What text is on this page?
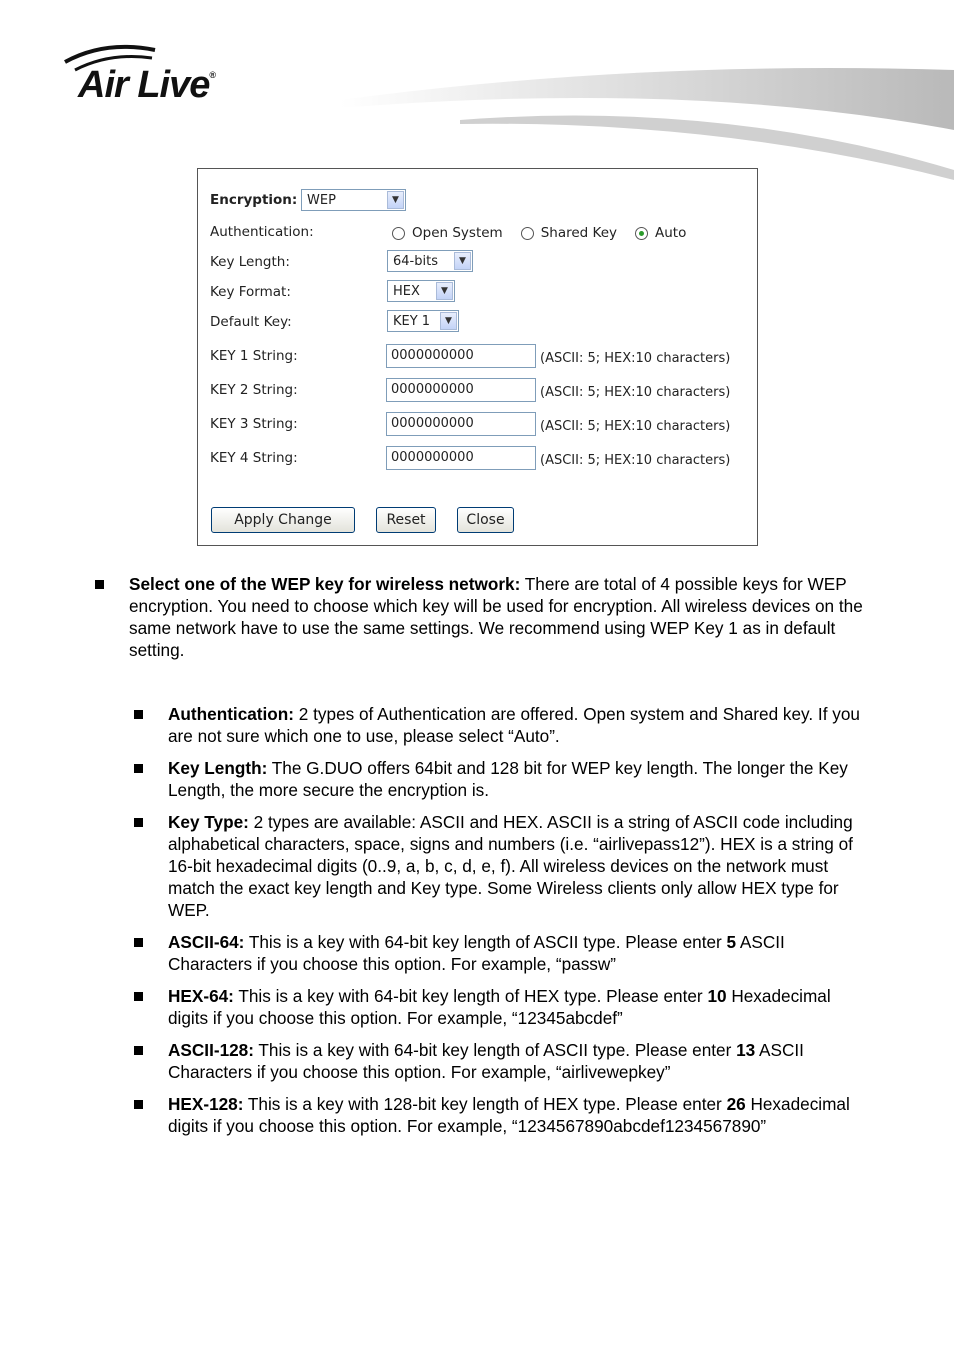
Air Live®
Encryption: WEP	▼
Authentication:	Open System	Shared Key	Auto
Key Length:	64-bits	▼
Key Format:	HEX	▼
Default Key:	KEY 1	▼
KEY 1 String:	0000000000	(ASCII: 5; HEX:10 characters)
KEY 2 String:	0000000000	(ASCII: 5; HEX:10 characters)
KEY 3 String:	0000000000	(ASCII: 5; HEX:10 characters)
KEY 4 String:	0000000000	(ASCII: 5; HEX:10 characters)
Apply Change	Reset	Close

Select one of the WEP key for wireless network: There are total of 4 possible keys for WEP encryption. You need to choose which key will be used for encryption. All wireless devices on the same network have to use the same settings. We recommend using WEP Key 1 as in default setting.

Authentication: 2 types of Authentication are offered. Open system and Shared key. If you are not sure which one to use, please select “Auto”.

Key Length: The G.DUO offers 64bit and 128 bit for WEP key length. The longer the Key Length, the more secure the encryption is.

Key Type: 2 types are available: ASCII and HEX. ASCII is a string of ASCII code including alphabetical characters, space, signs and numbers (i.e. “airlivepass12”). HEX is a string of 16-bit hexadecimal digits (0..9, a, b, c, d, e, f). All wireless devices on the network must match the exact key length and Key type. Some Wireless clients only allow HEX type for WEP.

ASCII-64: This is a key with 64-bit key length of ASCII type. Please enter 5 ASCII Characters if you choose this option. For example, “passw”

HEX-64: This is a key with 64-bit key length of HEX type. Please enter 10 Hexadecimal digits if you choose this option. For example, “12345abcdef”

ASCII-128: This is a key with 64-bit key length of ASCII type. Please enter 13 ASCII Characters if you choose this option. For example, “airlivewepkey”

HEX-128: This is a key with 128-bit key length of HEX type. Please enter 26 Hexadecimal digits if you choose this option. For example, “1234567890abcdef1234567890”
